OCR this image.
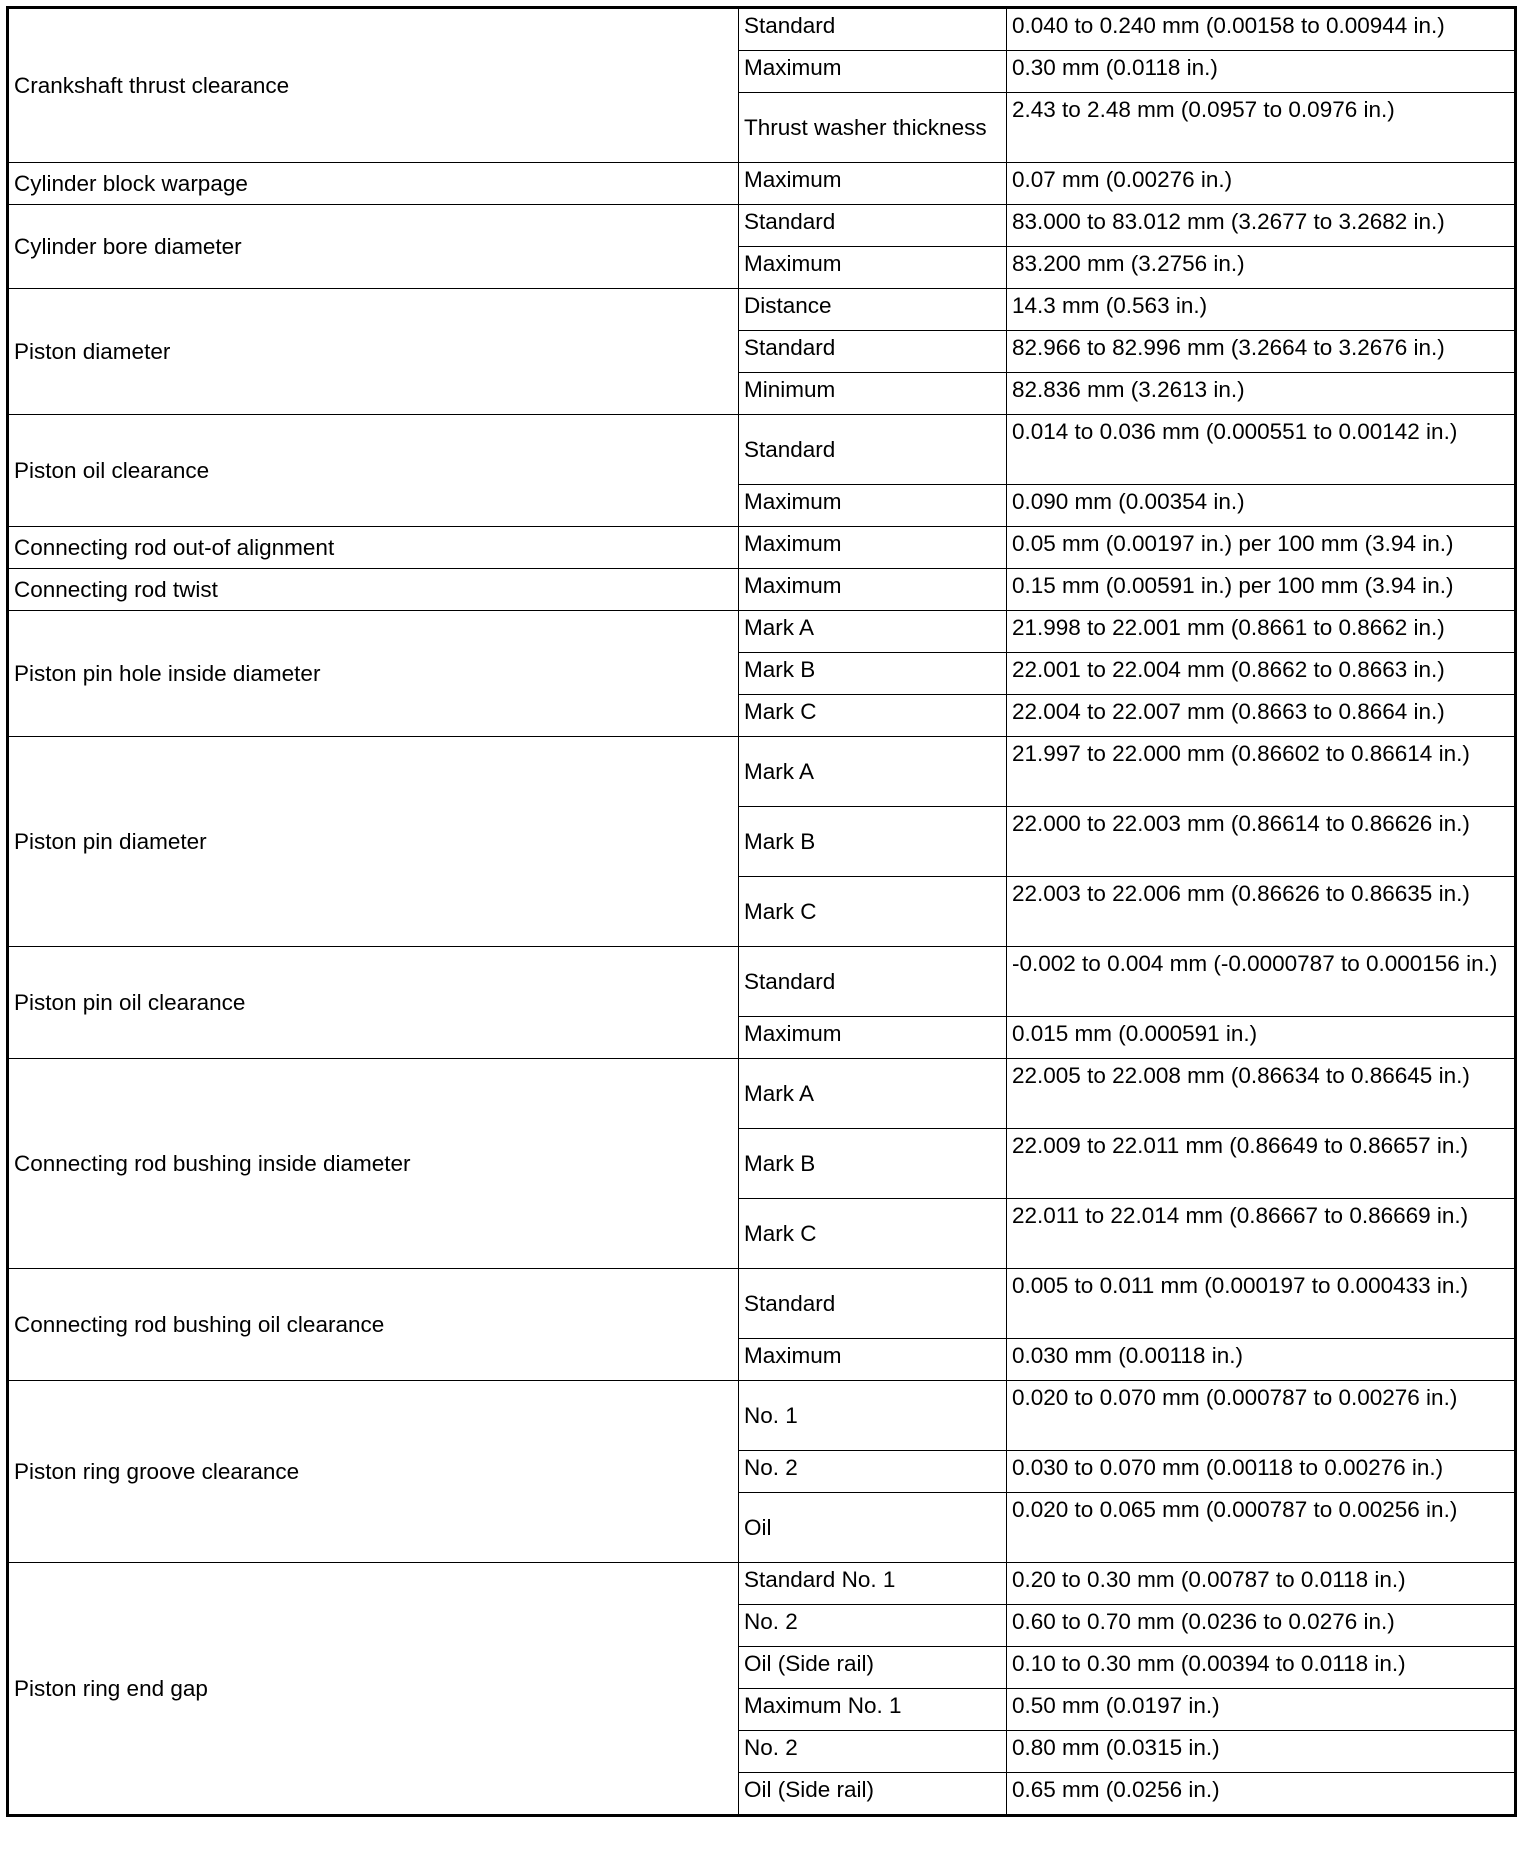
Crankshaft thrust clearance	Standard	0.040 to 0.240 mm (0.00158 to 0.00944 in.)
	Maximum	0.30 mm (0.0118 in.)
	Thrust washer thickness	2.43 to 2.48 mm (0.0957 to 0.0976 in.)
Cylinder block warpage	Maximum	0.07 mm (0.00276 in.)
Cylinder bore diameter	Standard	83.000 to 83.012 mm (3.2677 to 3.2682 in.)
	Maximum	83.200 mm (3.2756 in.)
Piston diameter	Distance	14.3 mm (0.563 in.)
	Standard	82.966 to 82.996 mm (3.2664 to 3.2676 in.)
	Minimum	82.836 mm (3.2613 in.)
Piston oil clearance	Standard	0.014 to 0.036 mm (0.000551 to 0.00142 in.)
	Maximum	0.090 mm (0.00354 in.)
Connecting rod out-of alignment	Maximum	0.05 mm (0.00197 in.) per 100 mm (3.94 in.)
Connecting rod twist	Maximum	0.15 mm (0.00591 in.) per 100 mm (3.94 in.)
Piston pin hole inside diameter	Mark A	21.998 to 22.001 mm (0.8661 to 0.8662 in.)
	Mark B	22.001 to 22.004 mm (0.8662 to 0.8663 in.)
	Mark C	22.004 to 22.007 mm (0.8663 to 0.8664 in.)
Piston pin diameter	Mark A	21.997 to 22.000 mm (0.86602 to 0.86614 in.)
	Mark B	22.000 to 22.003 mm (0.86614 to 0.86626 in.)
	Mark C	22.003 to 22.006 mm (0.86626 to 0.86635 in.)
Piston pin oil clearance	Standard	-0.002 to 0.004 mm (-0.0000787 to 0.000156 in.)
	Maximum	0.015 mm (0.000591 in.)
Connecting rod bushing inside diameter	Mark A	22.005 to 22.008 mm (0.86634 to 0.86645 in.)
	Mark B	22.009 to 22.011 mm (0.86649 to 0.86657 in.)
	Mark C	22.011 to 22.014 mm (0.86667 to 0.86669 in.)
Connecting rod bushing oil clearance	Standard	0.005 to 0.011 mm (0.000197 to 0.000433 in.)
	Maximum	0.030 mm (0.00118 in.)
Piston ring groove clearance	No. 1	0.020 to 0.070 mm (0.000787 to 0.00276 in.)
	No. 2	0.030 to 0.070 mm (0.00118 to 0.00276 in.)
	Oil	0.020 to 0.065 mm (0.000787 to 0.00256 in.)
Piston ring end gap	Standard No. 1	0.20 to 0.30 mm (0.00787 to 0.0118 in.)
	No. 2	0.60 to 0.70 mm (0.0236 to 0.0276 in.)
	Oil (Side rail)	0.10 to 0.30 mm (0.00394 to 0.0118 in.)
	Maximum No. 1	0.50 mm (0.0197 in.)
	No. 2	0.80 mm (0.0315 in.)
	Oil (Side rail)	0.65 mm (0.0256 in.)
